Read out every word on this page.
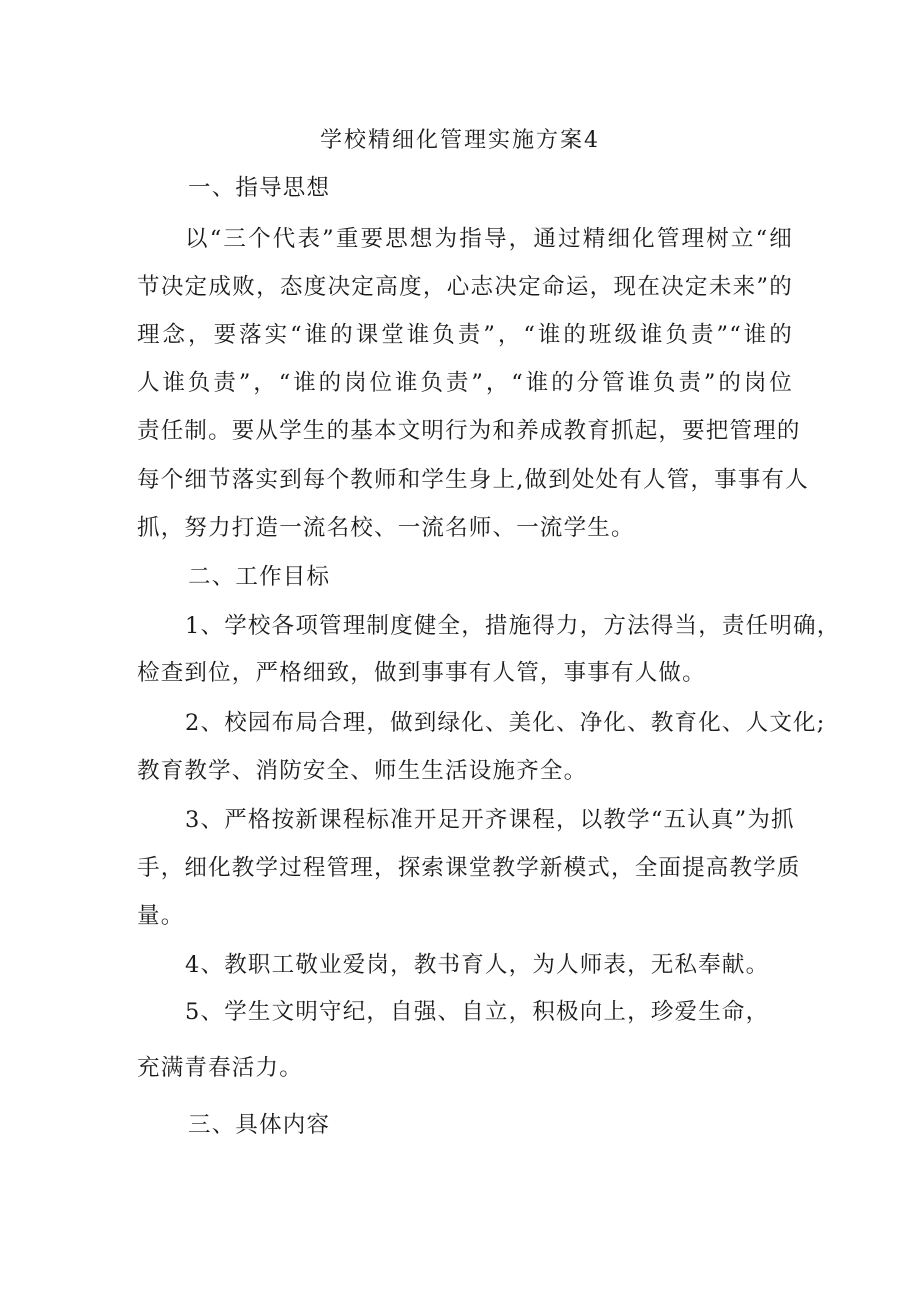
学校精细化管理实施方案4
一、指导思想
以“三个代表”重要思想为指导，通过精细化管理树立“细
节决定成败，态度决定高度，心志决定命运，现在决定未来”的
理念，要落实“谁的课堂谁负责”，“谁的班级谁负责”“谁的
人谁负责”，“谁的岗位谁负责”，“谁的分管谁负责”的岗位
责任制。要从学生的基本文明行为和养成教育抓起，要把管理的
每个细节落实到每个教师和学生身上,做到处处有人管，事事有人
抓，努力打造一流名校、一流名师、一流学生。
二、工作目标
1、学校各项管理制度健全，措施得力，方法得当，责任明确，
检查到位，严格细致，做到事事有人管，事事有人做。
2、校园布局合理，做到绿化、美化、净化、教育化、人文化;
教育教学、消防安全、师生生活设施齐全。
3、严格按新课程标准开足开齐课程，以教学“五认真”为抓
手，细化教学过程管理，探索课堂教学新模式，全面提高教学质
量。
4、教职工敬业爱岗，教书育人，为人师表，无私奉献。
5、学生文明守纪，自强、自立，积极向上，珍爱生命，
充满青春活力。
三、具体内容
